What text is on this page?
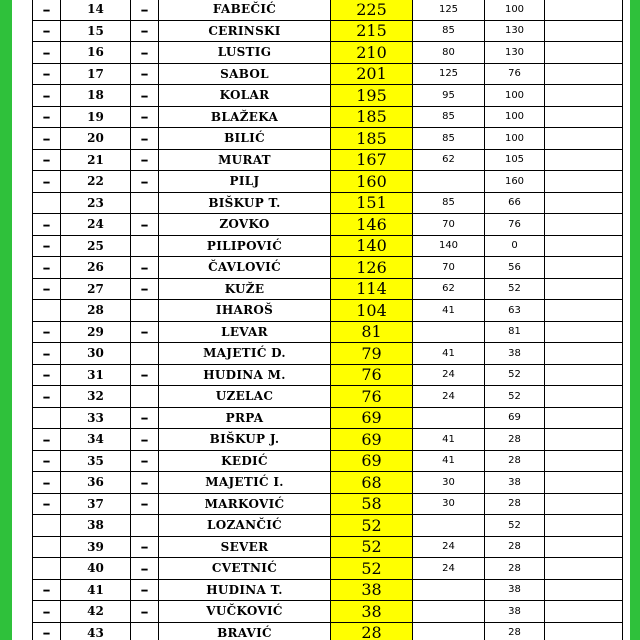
–	14	–	FABEČIĆ	225	125	100	
–	15	–	CERINSKI	215	85	130	
–	16	–	LUSTIG	210	80	130	
–	17	–	SABOL	201	125	76	
–	18	–	KOLAR	195	95	100	
–	19	–	BLAŽEKA	185	85	100	
–	20	–	BILIĆ	185	85	100	
–	21	–	MURAT	167	62	105	
–	22	–	PILJ	160		160	
	23		BIŠKUP T.	151	85	66	
–	24	–	ZOVKO	146	70	76	
–	25		PILIPOVIĆ	140	140	0	
–	26	–	ČAVLOVIĆ	126	70	56	
–	27	–	KUŽE	114	62	52	
	28		IHAROŠ	104	41	63	
–	29	–	LEVAR	81		81	
–	30		MAJETIĆ D.	79	41	38	
–	31	–	HUDINA M.	76	24	52	
–	32		UZELAC	76	24	52	
	33	–	PRPA	69		69	
–	34	–	BIŠKUP J.	69	41	28	
–	35	–	KEDIĆ	69	41	28	
–	36	–	MAJETIĆ I.	68	30	38	
–	37	–	MARKOVIĆ	58	30	28	
	38		LOZANČIĆ	52		52	
	39	–	SEVER	52	24	28	
	40	–	CVETNIĆ	52	24	28	
–	41	–	HUDINA T.	38		38	
–	42	–	VUČKOVIĆ	38		38	
–	43		BRAVIĆ	28		28	
